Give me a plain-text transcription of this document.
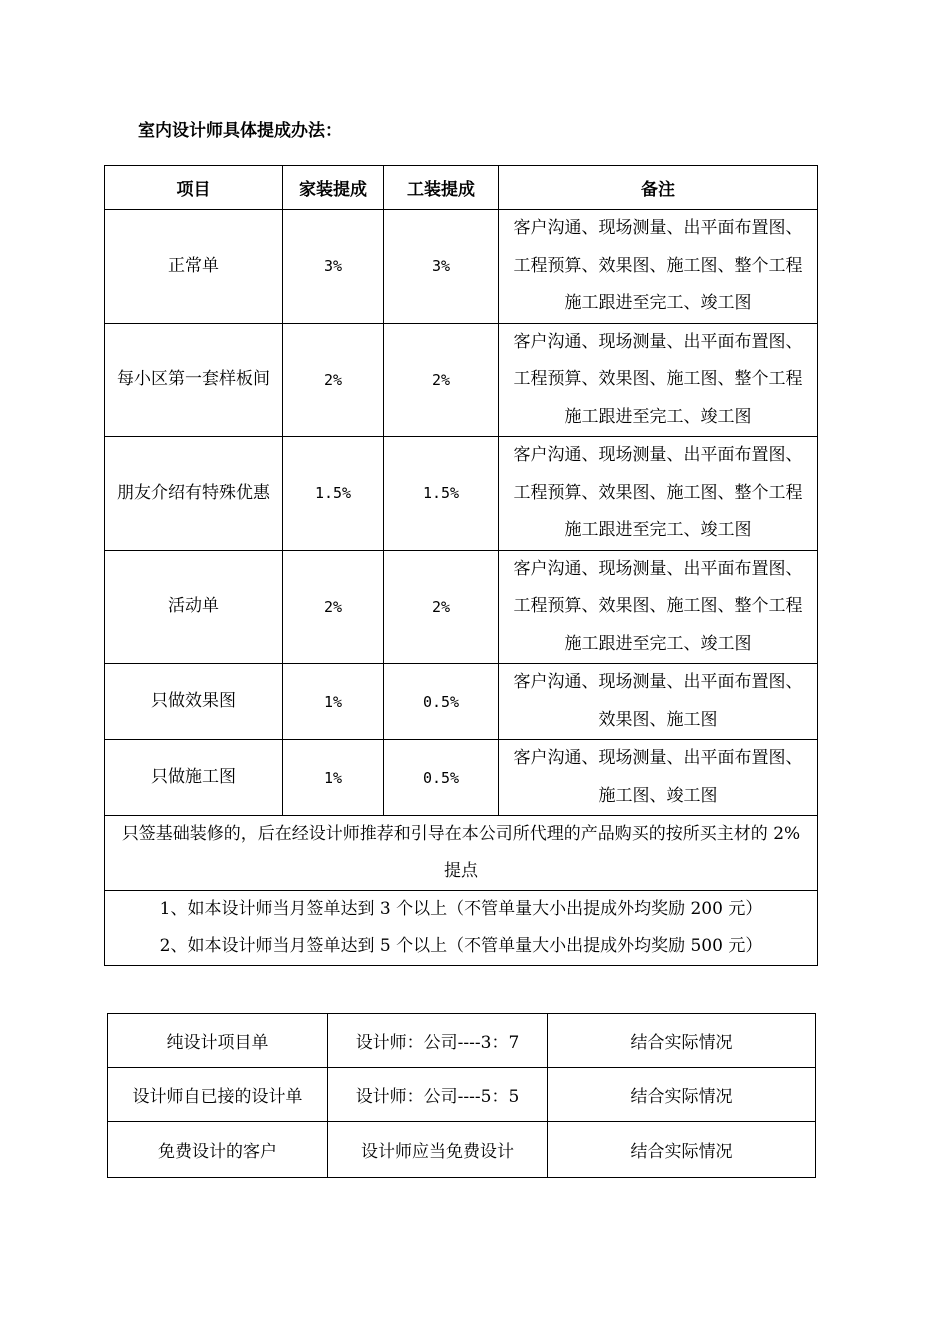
室内设计师具体提成办法：
项目	家装提成	工装提成	备注
正常单	3%	3%	客户沟通、现场测量、出平面布置图、工程预算、效果图、施工图、整个工程施工跟进至完工、竣工图
每小区第一套样板间	2%	2%	客户沟通、现场测量、出平面布置图、工程预算、效果图、施工图、整个工程施工跟进至完工、竣工图
朋友介绍有特殊优惠	1.5%	1.5%	客户沟通、现场测量、出平面布置图、工程预算、效果图、施工图、整个工程施工跟进至完工、竣工图
活动单	2%	2%	客户沟通、现场测量、出平面布置图、工程预算、效果图、施工图、整个工程施工跟进至完工、竣工图
只做效果图	1%	0.5%	客户沟通、现场测量、出平面布置图、效果图、施工图
只做施工图	1%	0.5%	客户沟通、现场测量、出平面布置图、施工图、竣工图
只签基础装修的，后在经设计师推荐和引导在本公司所代理的产品购买的按所买主材的 2%提点			

1、如本设计师当月签单达到 3 个以上（不管单量大小出提成外均奖励 200 元）
2、如本设计师当月签单达到 5 个以上（不管单量大小出提成外均奖励 500 元）			
纯设计项目单	设计师：公司----3：7	结合实际情况
设计师自已接的设计单	设计师：公司----5：5	结合实际情况
免费设计的客户	设计师应当免费设计	结合实际情况
